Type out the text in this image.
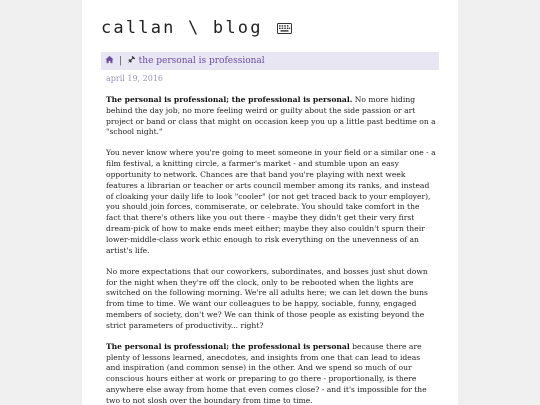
callan \ blog
| the personal is professional
april 19, 2016

The personal is professional; the professional is personal. No more hiding behind the day job, no more feeling weird or guilty about the side passion or art project or band or class that might on occasion keep you up a little past bedtime on a "school night."

You never know where you're going to meet someone in your field or a similar one - a film festival, a knitting circle, a farmer's market - and stumble upon an easy opportunity to network. Chances are that band you're playing with next week features a librarian or teacher or arts council member among its ranks, and instead of cloaking your daily life to look "cooler" (or not get traced back to your employer), you should join forces, commiserate, or celebrate. You should take comfort in the fact that there's others like you out there - maybe they didn't get their very first dream-pick of how to make ends meet either; maybe they also couldn't spurn their lower-middle-class work ethic enough to risk everything on the unevenness of an artist's life.

No more expectations that our coworkers, subordinates, and bosses just shut down for the night when they're off the clock, only to be rebooted when the lights are switched on the following morning. We're all adults here; we can let down the buns from time to time. We want our colleagues to be happy, sociable, funny, engaged members of society, don't we? We can think of those people as existing beyond the strict parameters of productivity... right?

The personal is professional; the professional is personal because there are plenty of lessons learned, anecdotes, and insights from one that can lead to ideas and inspiration (and common sense) in the other. And we spend so much of our conscious hours either at work or preparing to go there - proportionally, is there anywhere else away from home that even comes close? - and it's impossible for the two to not slosh over the boundary from time to time.
